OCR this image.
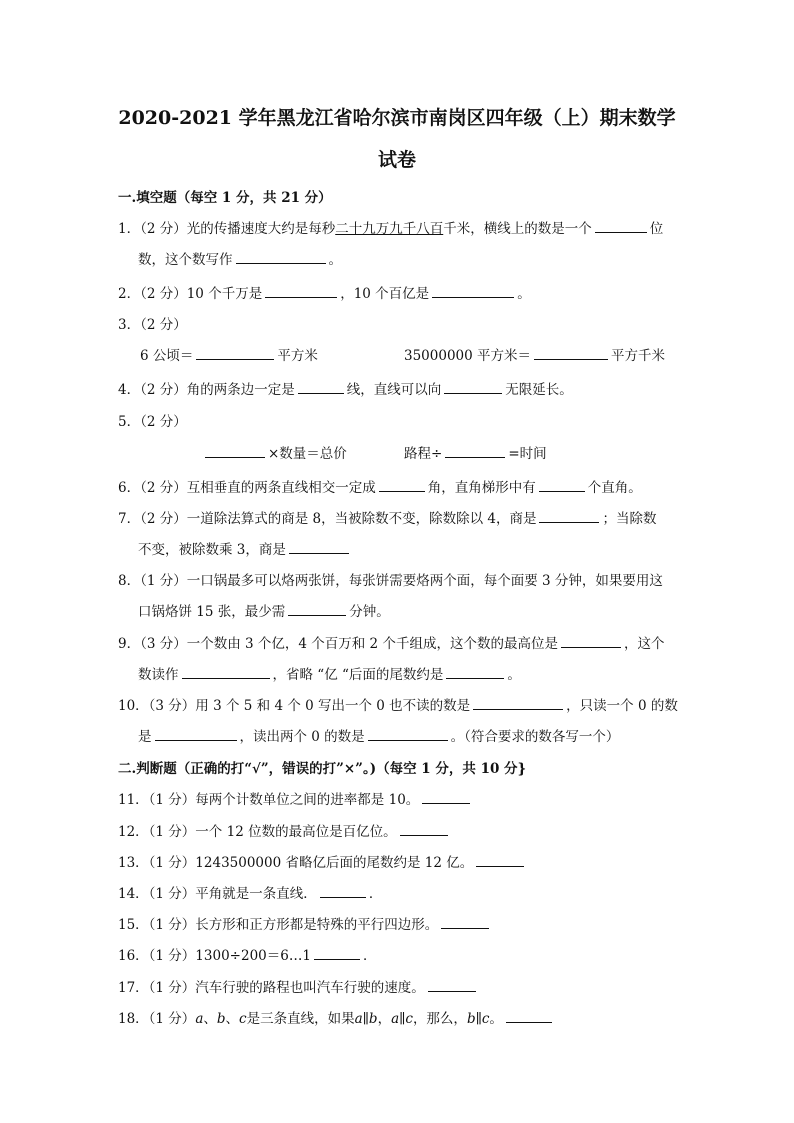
2020-2021 学年黑龙江省哈尔滨市南岗区四年级（上）期末数学
试卷
一.填空题（每空 1 分，共 21 分）
1．（2 分）光的传播速度大约是每秒二十九万九千八百千米，横线上的数是一个	位
数，这个数写作	。
2．（2 分）10 个千万是	，10 个百亿是	。
3．（2 分）
6 公顷＝	平方米	35000000 平方米＝	平方千米
4．（2 分）角的两条边一定是	线，直线可以向	无限延长。
5．（2 分）
×数量＝总价	路程÷	=时间
6．（2 分）互相垂直的两条直线相交一定成	角，直角梯形中有	个直角。
7．（2 分）一道除法算式的商是 8，当被除数不变，除数除以 4，商是	；当除数
不变，被除数乘 3，商是
8．（1 分）一口锅最多可以烙两张饼，每张饼需要烙两个面，每个面要 3 分钟，如果要用这
口锅烙饼 15 张，最少需	分钟。
9．（3 分）一个数由 3 个亿，4 个百万和 2 个千组成，这个数的最高位是	，这个
数读作	，省略 “亿 “后面的尾数约是	。
10．（3 分）用 3 个 5 和 4 个 0 写出一个 0 也不读的数是	，只读一个 0 的数
是	，读出两个 0 的数是	。（符合要求的数各写一个）
二.判断题（正确的打“√”，错误的打”×”。)（每空 1 分，共 10 分}
11．（1 分）每两个计数单位之间的进率都是 10。
12．（1 分）一个 12 位数的最高位是百亿位。
13．（1 分）1243500000 省略亿后面的尾数约是 12 亿。
14．（1 分）平角就是一条直线．	．
15．（1 分）长方形和正方形都是特殊的平行四边形。
16．（1 分）1300÷200＝6…1	．
17．（1 分）汽车行驶的路程也叫汽车行驶的速度。
18．（1 分）a、b、c是三条直线，如果a∥b，a∥c，那么，b∥c。
